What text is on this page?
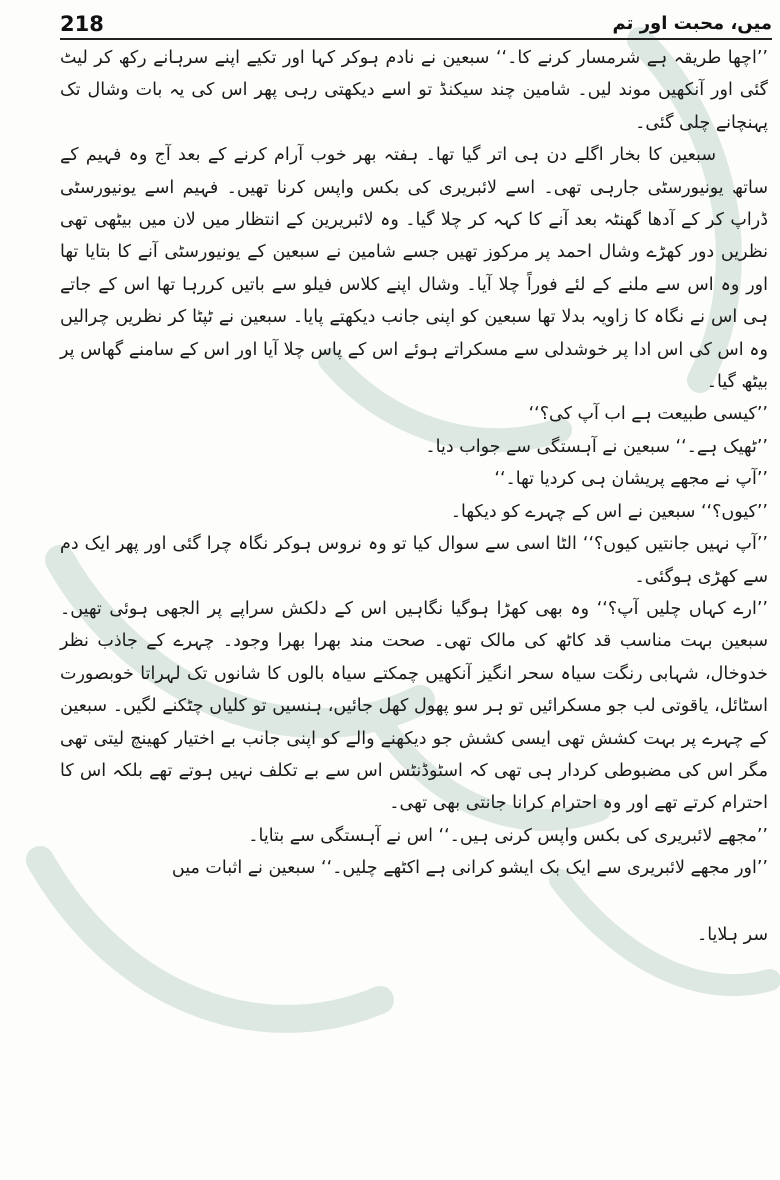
218	میں، محبت اور تم

’’اچھا طریقہ ہے شرمسار کرنے کا۔‘‘ سبعین نے نادم ہوکر کہا اور تکیے اپنے سرہانے رکھ کر لیٹ گئی اور آنکھیں موند لیں۔ شامین چند سیکنڈ تو اسے دیکھتی رہی پھر اس کی یہ بات وشال تک پہنچانے چلی گئی۔

سبعین کا بخار اگلے دن ہی اتر گیا تھا۔ ہفتہ بھر خوب آرام کرنے کے بعد آج وہ فہیم کے ساتھ یونیورسٹی جارہی تھی۔ اسے لائبریری کی بکس واپس کرنا تھیں۔ فہیم اسے یونیورسٹی ڈراپ کر کے آدھا گھنٹہ بعد آنے کا کہہ کر چلا گیا۔ وہ لائبریرین کے انتظار میں لان میں بیٹھی تھی نظریں دور کھڑے وشال احمد پر مرکوز تھیں جسے شامین نے سبعین کے یونیورسٹی آنے کا بتایا تھا اور وہ اس سے ملنے کے لئے فوراً چلا آیا۔ وشال اپنے کلاس فیلو سے باتیں کررہا تھا اس کے جاتے ہی اس نے نگاہ کا زاویہ بدلا تھا سبعین کو اپنی جانب دیکھتے پایا۔ سبعین نے ٹپٹا کر نظریں چرالیں وہ اس کی اس ادا پر خوشدلی سے مسکراتے ہوئے اس کے پاس چلا آیا اور اس کے سامنے گھاس پر بیٹھ گیا۔

’’کیسی طبیعت ہے اب آپ کی؟‘‘

’’ٹھیک ہے۔‘‘ سبعین نے آہستگی سے جواب دیا۔

’’آپ نے مجھے پریشان ہی کردیا تھا۔‘‘

’’کیوں؟‘‘ سبعین نے اس کے چہرے کو دیکھا۔

’’آپ نہیں جانتیں کیوں؟‘‘ الٹا اسی سے سوال کیا تو وہ نروس ہوکر نگاہ چرا گئی اور پھر ایک دم سے کھڑی ہوگئی۔

’’ارے کہاں چلیں آپ؟‘‘ وہ بھی کھڑا ہوگیا نگاہیں اس کے دلکش سراپے پر الجھی ہوئی تھیں۔ سبعین بہت مناسب قد کاٹھ کی مالک تھی۔ صحت مند بھرا بھرا وجود۔ چہرے کے جاذب نظر خدوخال، شہابی رنگت سیاہ سحر انگیز آنکھیں چمکتے سیاہ بالوں کا شانوں تک لہراتا خوبصورت اسٹائل، یاقوتی لب جو مسکرائیں تو ہر سو پھول کھل جائیں، ہنسیں تو کلیاں چٹکنے لگیں۔ سبعین کے چہرے پر بہت کشش تھی ایسی کشش جو دیکھنے والے کو اپنی جانب بے اختیار کھینچ لیتی تھی مگر اس کی مضبوطی کردار ہی تھی کہ اسٹوڈنٹس اس سے بے تکلف نہیں ہوتے تھے بلکہ اس کا احترام کرتے تھے اور وہ احترام کرانا جانتی بھی تھی۔

’’مجھے لائبریری کی بکس واپس کرنی ہیں۔‘‘ اس نے آہستگی سے بتایا۔

’’اور مجھے لائبریری سے ایک بک ایشو کرانی ہے اکٹھے چلیں۔‘‘ سبعین نے اثبات میں

سر ہلایا۔
